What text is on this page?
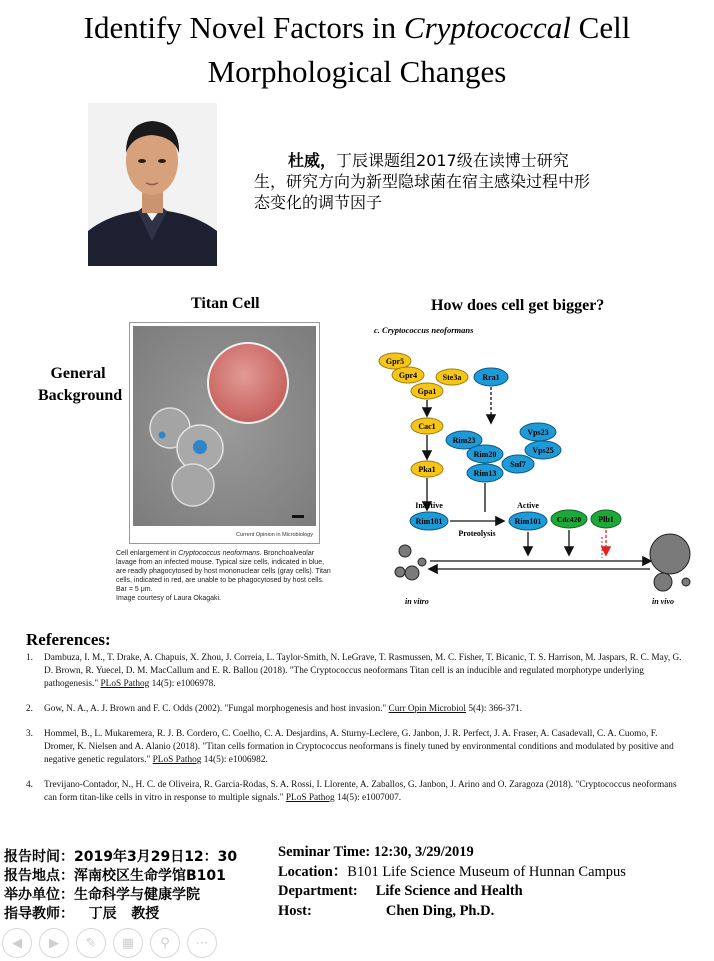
Identify Novel Factors in Cryptococcal Cell
Morphological Changes
杜威，丁辰课题组2017级在读博士研究生，研究方向为新型隐球菌在宿主感染过程中形态变化的调节因子
General Background
Titan Cell	How does cell get bigger?
Current Opinion in Microbiology
Cell enlargement in Cryptococcus neoformans. Bronchoalveolar lavage from an infected mouse. Typical size cells, indicated in blue, are readly phagocytosed by host mononuclear cells (gray cells). Titan cells, indicated in red, are unable to be phagocytosed by host cells.
Bar = 5 μm.
Image courtesy of Laura Okagaki.
c. Cryptococcus neoformans
Gpr5
Gpr4	Ste3a
Gpa1
Cac1
Pka1
Rra1
Vps23
Vps25
Rim23
Rim20
Snf7
Rim13
Rim101	Rim101 Cdc420 Plb1
Inactive	Active
Proteolysis
in vitro	in vivo
References:
1. Dambuza, I. M., T. Drake, A. Chapuis, X. Zhou, J. Correia, L. Taylor-Smith, N. LeGrave, T. Rasmussen, M. C. Fisher, T. Bicanic, T. S. Harrison, M. Jaspars, R. C. May, G. D. Brown, R. Yuecel, D. M. MacCallum and E. R. Ballou (2018). "The Cryptococcus neoformans Titan cell is an inducible and regulated morphotype underlying pathogenesis." PLoS Pathog 14(5): e1006978.
2. Gow, N. A., A. J. Brown and F. C. Odds (2002). "Fungal morphogenesis and host invasion." Curr Opin Microbiol 5(4): 366-371.
3. Hommel, B., L. Mukaremera, R. J. B. Cordero, C. Coelho, C. A. Desjardins, A. Sturny-Leclere, G. Janbon, J. R. Perfect, J. A. Fraser, A. Casadevall, C. A. Cuomo, F. Dromer, K. Nielsen and A. Alanio (2018). "Titan cells formation in Cryptococcus neoformans is finely tuned by environmental conditions and modulated by positive and negative genetic regulators." PLoS Pathog 14(5): e1006982.
4. Trevijano-Contador, N., H. C. de Oliveira, R. Garcia-Rodas, S. A. Rossi, I. Llorente, A. Zaballos, G. Janbon, J. Arino and O. Zaragoza (2018). "Cryptococcus neoformans can form titan-like cells in vitro in response to multiple signals." PLoS Pathog 14(5): e1007007.
报告时间：2019年3月29日12：30
报告地点：浑南校区生命学馆B101
举办单位：生命科学与健康学院
指导教师：   丁辰   教授
Seminar Time: 12:30, 3/29/2019
Location：B101 Life Science Museum of Hunnan Campus
Department: Life Science and Health
Host:	Chen Ding, Ph.D.
◀	▶	✎	▦	⚲	⋯
